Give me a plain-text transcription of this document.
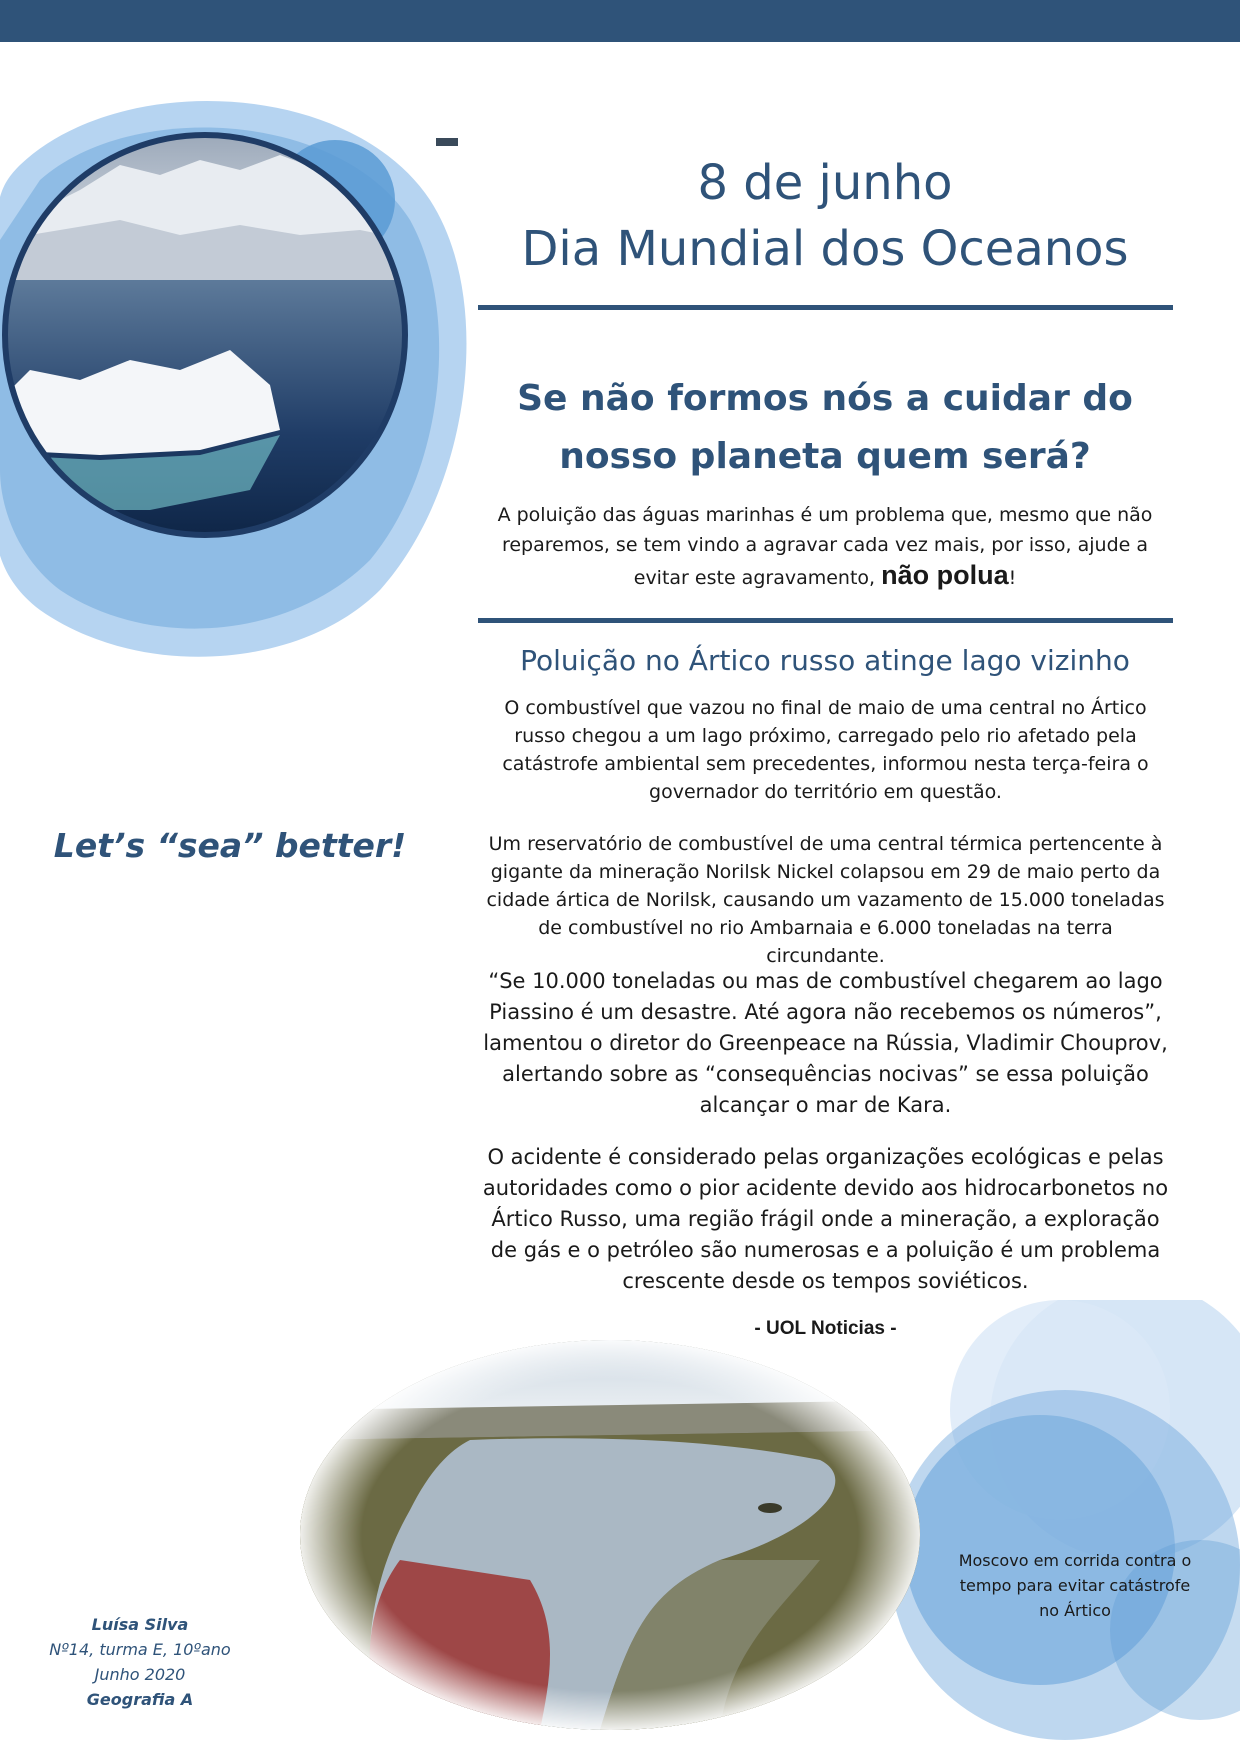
8 de junho
Dia Mundial dos Oceanos
Se não formos nós a cuidar do
nosso planeta quem será?
A poluição das águas marinhas é um problema que, mesmo que não reparemos, se tem vindo a agravar cada vez mais, por isso, ajude a evitar este agravamento, não polua!
Poluição no Ártico russo atinge lago vizinho
O combustível que vazou no final de maio de uma central no Ártico russo chegou a um lago próximo, carregado pelo rio afetado pela catástrofe ambiental sem precedentes, informou nesta terça-feira o governador do território em questão.
Um reservatório de combustível de uma central térmica pertencente à gigante da mineração Norilsk Nickel colapsou em 29 de maio perto da cidade ártica de Norilsk, causando um vazamento de 15.000 toneladas de combustível no rio Ambarnaia e 6.000 toneladas na terra circundante.
“Se 10.000 toneladas ou mas de combustível chegarem ao lago Piassino é um desastre. Até agora não recebemos os números”, lamentou o diretor do Greenpeace na Rússia, Vladimir Chouprov, alertando sobre as “consequências nocivas” se essa poluição alcançar o mar de Kara.
O acidente é considerado pelas organizações ecológicas e pelas autoridades como o pior acidente devido aos hidrocarbonetos no Ártico Russo, uma região frágil onde a mineração, a exploração de gás e o petróleo são numerosas e a poluição é um problema crescente desde os tempos soviéticos.
- UOL Noticias -
Let’s “sea” better!
Moscovo em corrida contra o tempo para evitar catástrofe no Ártico
Luísa Silva
Nº14, turma E, 10ºano
Junho 2020
Geografia A
